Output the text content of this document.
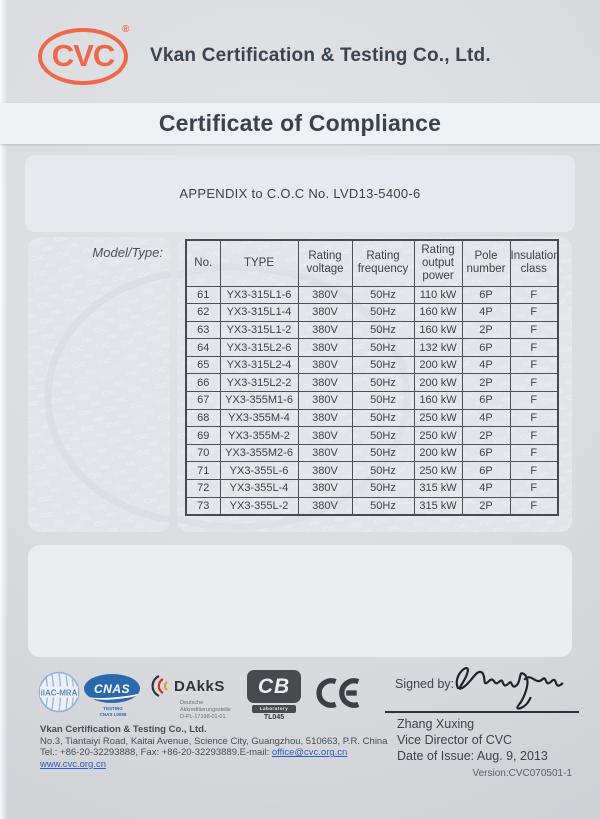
CVC
®
Vkan Certification & Testing Co., Ltd.
Certificate of Compliance
APPENDIX to C.O.C No. LVD13-5400-6
Model/Type:
No.	TYPE	Rating voltage	Rating frequency	Rating output power	Pole number	Insulation class
61	YX3-315L1-6	380V	50Hz	110 kW	6P	F
62	YX3-315L1-4	380V	50Hz	160 kW	4P	F
63	YX3-315L1-2	380V	50Hz	160 kW	2P	F
64	YX3-315L2-6	380V	50Hz	132 kW	6P	F
65	YX3-315L2-4	380V	50Hz	200 kW	4P	F
66	YX3-315L2-2	380V	50Hz	200 kW	2P	F
67	YX3-355M1-6	380V	50Hz	160 kW	6P	F
68	YX3-355M-4	380V	50Hz	250 kW	4P	F
69	YX3-355M-2	380V	50Hz	250 kW	2P	F
70	YX3-355M2-6	380V	50Hz	200 kW	6P	F
71	YX3-355L-6	380V	50Hz	250 kW	6P	F
72	YX3-355L-4	380V	50Hz	315 kW	4P	F
73	YX3-355L-2	380V	50Hz	315 kW	2P	F
ilAC-MRA CNAS
TESTING
CNAS L0098
DAkkS
Deutsche
Akkreditierungsstelle
D-PL-17198-01-01
CB
Laboratory
TL045
Signed by:
Zhang Xuxing
Vice Director of CVC
Date of Issue: Aug. 9, 2013
Vkan Certification & Testing Co., Ltd.
No.3, Tiantaiyi Road, Kaitai Avenue, Science City, Guangzhou, 510663, P.R. China
Tel.: +86-20-32293888, Fax: +86-20-32293889.E-mail: office@cvc.org.cn
www.cvc.org.cn
Version:CVC070501-1
